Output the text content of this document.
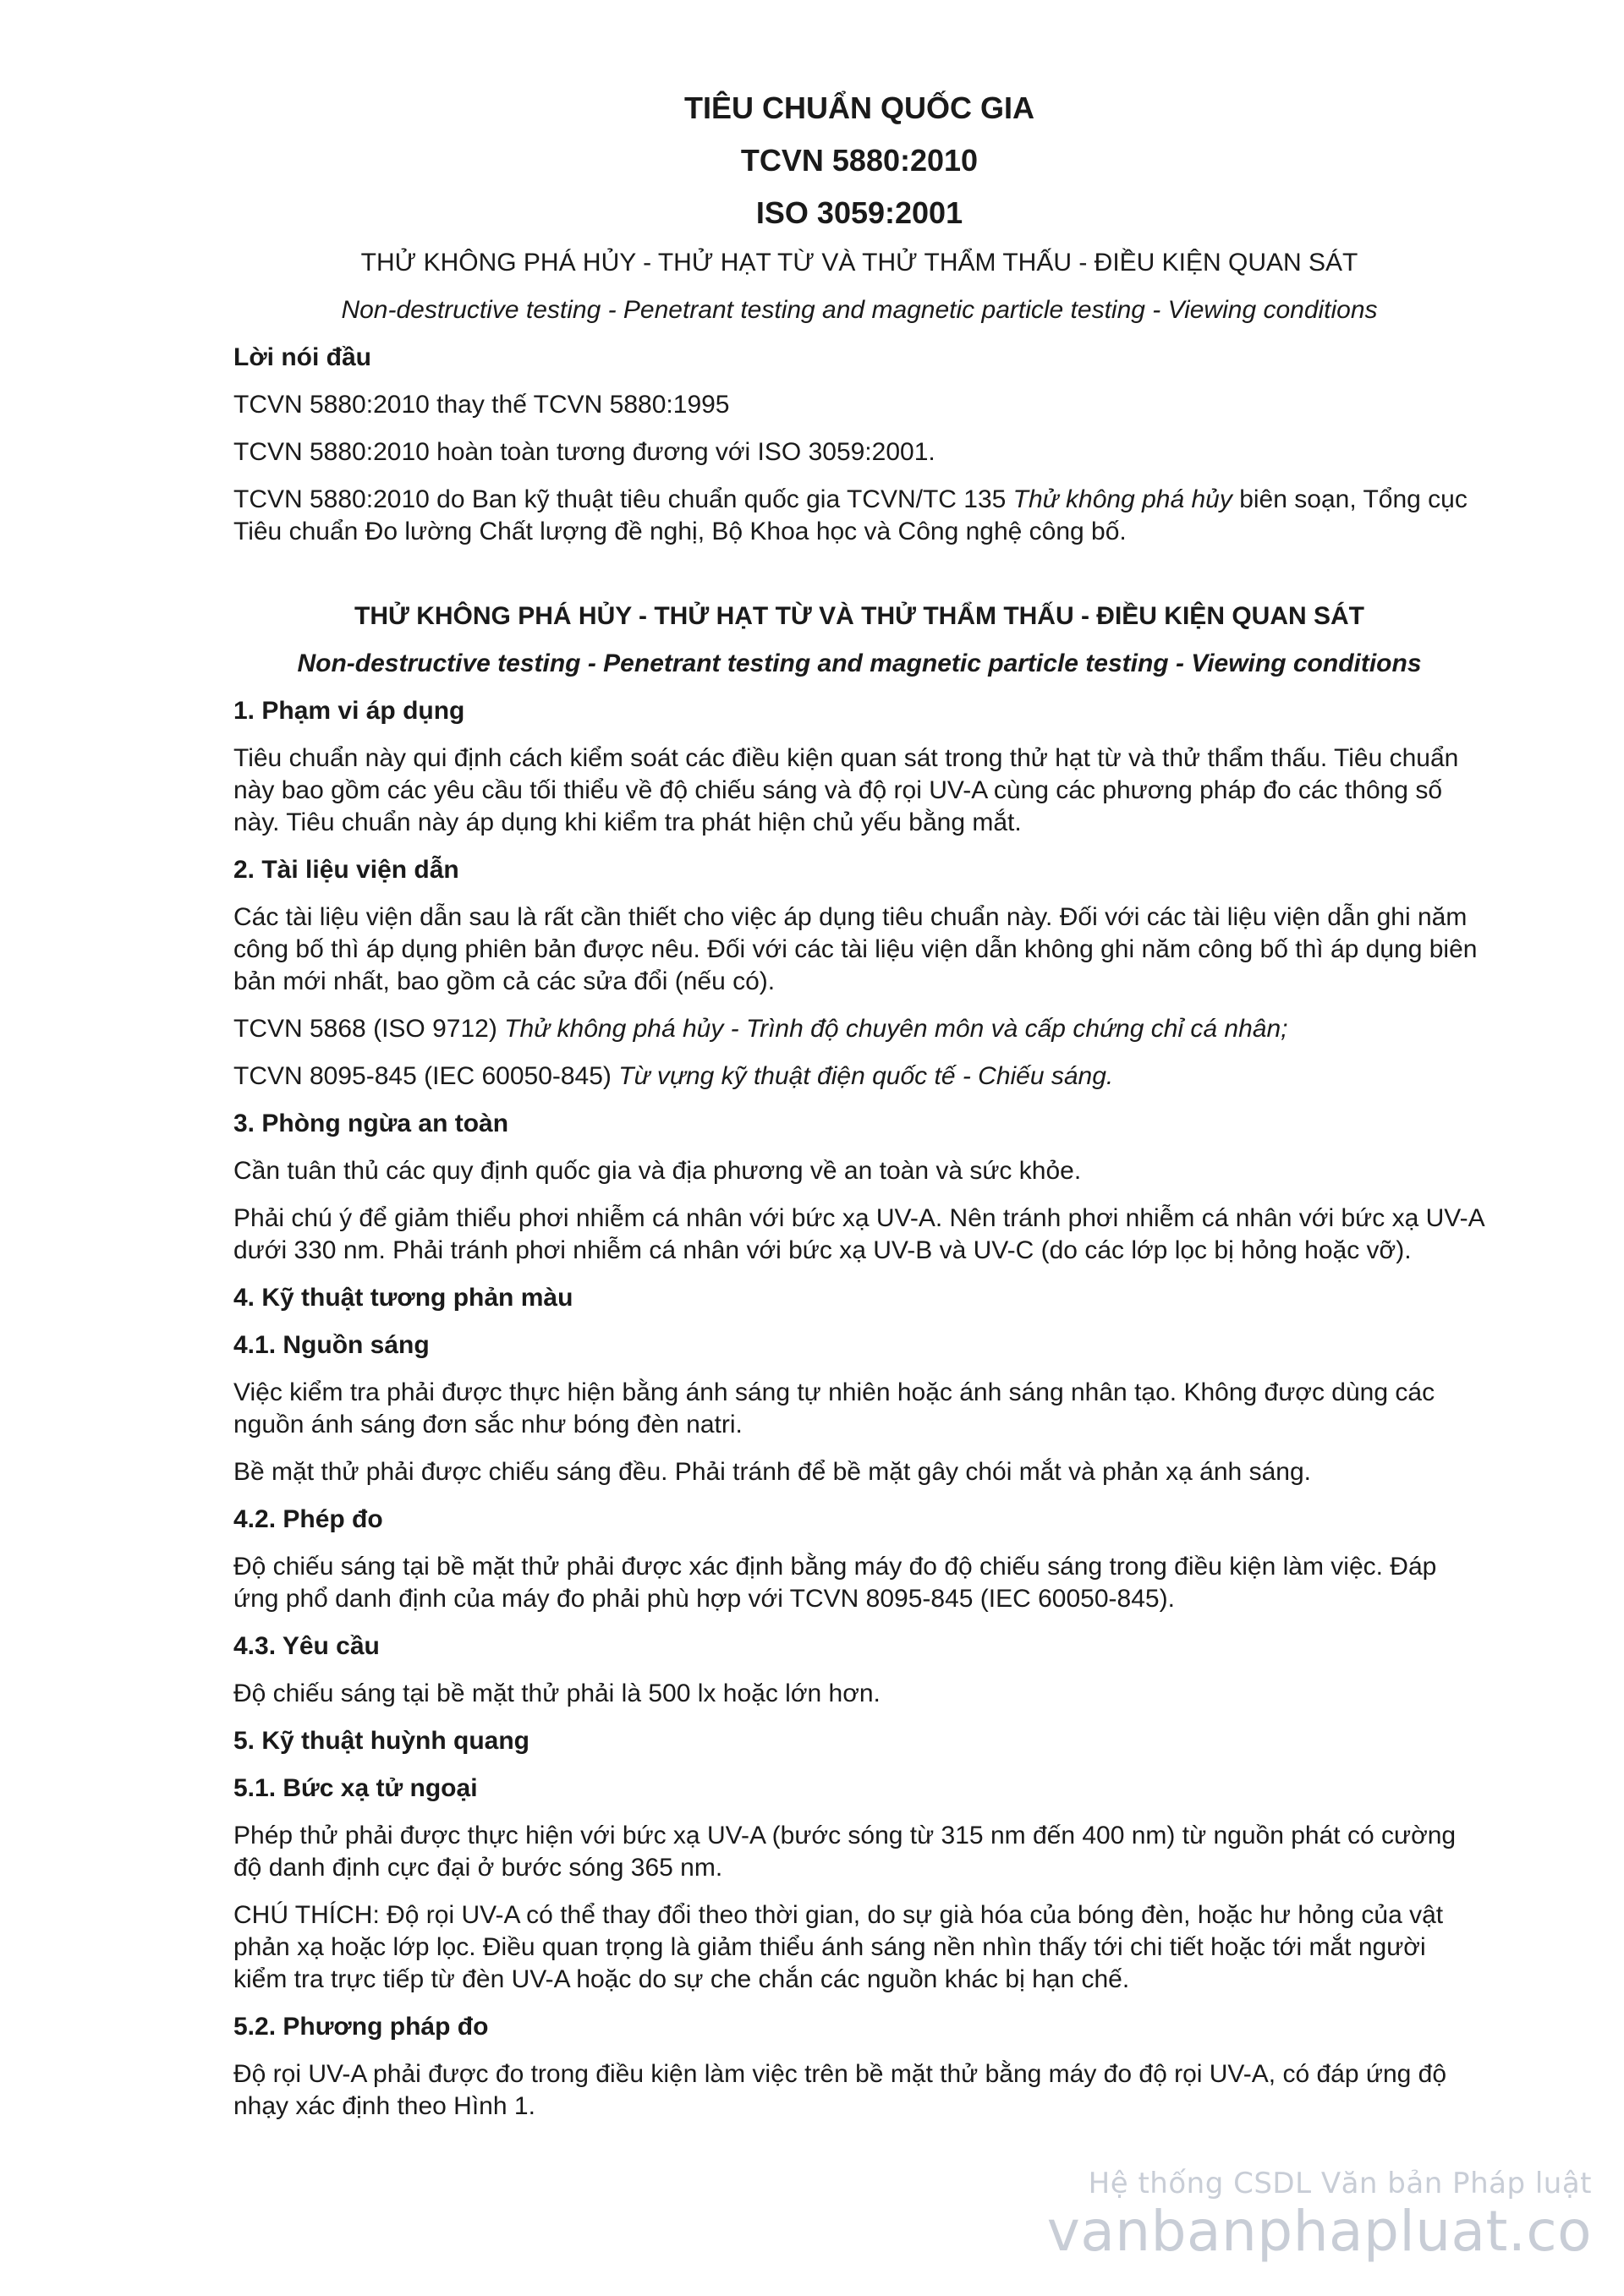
TIÊU CHUẨN QUỐC GIA
TCVN 5880:2010
ISO 3059:2001
THỬ KHÔNG PHÁ HỦY - THỬ HẠT TỪ VÀ THỬ THẨM THẤU - ĐIỀU KIỆN QUAN SÁT
Non-destructive testing - Penetrant testing and magnetic particle testing - Viewing conditions
Lời nói đầu
TCVN 5880:2010 thay thế TCVN 5880:1995
TCVN 5880:2010 hoàn toàn tương đương với ISO 3059:2001.
TCVN 5880:2010 do Ban kỹ thuật tiêu chuẩn quốc gia TCVN/TC 135 Thử không phá hủy biên soạn, Tổng cục Tiêu chuẩn Đo lường Chất lượng đề nghị, Bộ Khoa học và Công nghệ công bố.
THỬ KHÔNG PHÁ HỦY - THỬ HẠT TỪ VÀ THỬ THẨM THẤU - ĐIỀU KIỆN QUAN SÁT
Non-destructive testing - Penetrant testing and magnetic particle testing - Viewing conditions
1. Phạm vi áp dụng
Tiêu chuẩn này qui định cách kiểm soát các điều kiện quan sát trong thử hạt từ và thử thẩm thấu. Tiêu chuẩn này bao gồm các yêu cầu tối thiểu về độ chiếu sáng và độ rọi UV-A cùng các phương pháp đo các thông số này. Tiêu chuẩn này áp dụng khi kiểm tra phát hiện chủ yếu bằng mắt.
2. Tài liệu viện dẫn
Các tài liệu viện dẫn sau là rất cần thiết cho việc áp dụng tiêu chuẩn này. Đối với các tài liệu viện dẫn ghi năm công bố thì áp dụng phiên bản được nêu. Đối với các tài liệu viện dẫn không ghi năm công bố thì áp dụng biên bản mới nhất, bao gồm cả các sửa đổi (nếu có).
TCVN 5868 (ISO 9712) Thử không phá hủy - Trình độ chuyên môn và cấp chứng chỉ cá nhân;
TCVN 8095-845 (IEC 60050-845) Từ vựng kỹ thuật điện quốc tế - Chiếu sáng.
3. Phòng ngừa an toàn
Cần tuân thủ các quy định quốc gia và địa phương về an toàn và sức khỏe.
Phải chú ý để giảm thiểu phơi nhiễm cá nhân với bức xạ UV-A. Nên tránh phơi nhiễm cá nhân với bức xạ UV-A dưới 330 nm. Phải tránh phơi nhiễm cá nhân với bức xạ UV-B và UV-C (do các lớp lọc bị hỏng hoặc vỡ).
4. Kỹ thuật tương phản màu
4.1. Nguồn sáng
Việc kiểm tra phải được thực hiện bằng ánh sáng tự nhiên hoặc ánh sáng nhân tạo. Không được dùng các nguồn ánh sáng đơn sắc như bóng đèn natri.
Bề mặt thử phải được chiếu sáng đều. Phải tránh để bề mặt gây chói mắt và phản xạ ánh sáng.
4.2. Phép đo
Độ chiếu sáng tại bề mặt thử phải được xác định bằng máy đo độ chiếu sáng trong điều kiện làm việc. Đáp ứng phổ danh định của máy đo phải phù hợp với TCVN 8095-845 (IEC 60050-845).
4.3. Yêu cầu
Độ chiếu sáng tại bề mặt thử phải là 500 lx hoặc lớn hơn.
5. Kỹ thuật huỳnh quang
5.1. Bức xạ tử ngoại
Phép thử phải được thực hiện với bức xạ UV-A (bước sóng từ 315 nm đến 400 nm) từ nguồn phát có cường độ danh định cực đại ở bước sóng 365 nm.
CHÚ THÍCH: Độ rọi UV-A có thể thay đổi theo thời gian, do sự già hóa của bóng đèn, hoặc hư hỏng của vật phản xạ hoặc lớp lọc. Điều quan trọng là giảm thiểu ánh sáng nền nhìn thấy tới chi tiết hoặc tới mắt người kiểm tra trực tiếp từ đèn UV-A hoặc do sự che chắn các nguồn khác bị hạn chế.
5.2. Phương pháp đo
Độ rọi UV-A phải được đo trong điều kiện làm việc trên bề mặt thử bằng máy đo độ rọi UV-A, có đáp ứng độ nhạy xác định theo Hình 1.
Hệ thống CSDL Văn bản Pháp luật
vanbanphapluat.co
